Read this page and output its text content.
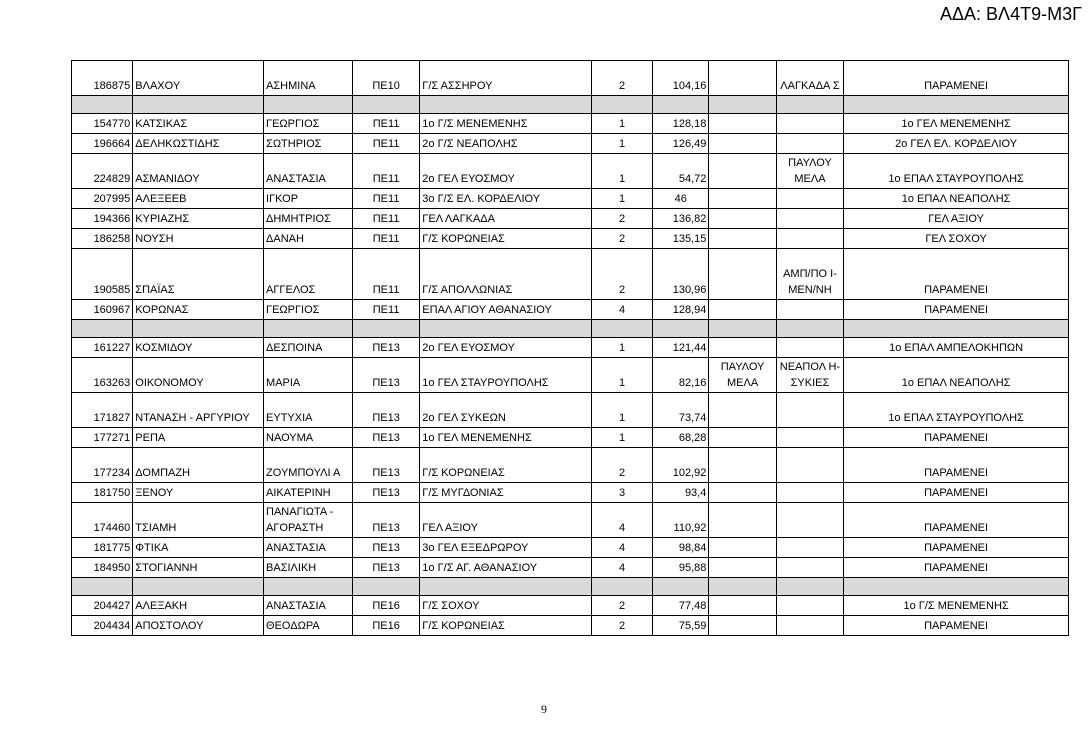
ΑΔΑ: ΒΛ4Τ9-Μ3Γ
186875	ΒΛΑΧΟΥ	ΑΣΗΜΙΝΑ	ΠΕ10	Γ/Σ ΑΣΣΗΡΟΥ	2	104,16		ΛΑΓΚΑΔΑ Σ	ΠΑΡΑΜΕΝΕΙ

154770	ΚΑΤΣΙΚΑΣ	ΓΕΩΡΓΙΟΣ	ΠΕ11	1ο Γ/Σ ΜΕΝΕΜΕΝΗΣ	1	128,18			1ο ΓΕΛ ΜΕΝΕΜΕΝΗΣ
196664	ΔΕΛΗΚΩΣΤΙΔΗΣ	ΣΩΤΗΡΙΟΣ	ΠΕ11	2ο Γ/Σ ΝΕΑΠΟΛΗΣ	1	126,49			2ο ΓΕΛ ΕΛ. ΚΟΡΔΕΛΙΟΥ
224829	ΑΣΜΑΝΙΔΟΥ	ΑΝΑΣΤΑΣΙΑ	ΠΕ11	2ο ΓΕΛ ΕΥΟΣΜΟΥ	1	54,72		ΠΑΥΛΟΥ ΜΕΛΑ	1ο ΕΠΑΛ ΣΤΑΥΡΟΥΠΟΛΗΣ
207995	ΑΛΕΞΕΕΒ	ΙΓΚΟΡ	ΠΕ11	3ο Γ/Σ ΕΛ. ΚΟΡΔΕΛΙΟΥ	1	46			1ο ΕΠΑΛ ΝΕΑΠΟΛΗΣ
194366	ΚΥΡΙΑΖΗΣ	ΔΗΜΗΤΡΙΟΣ	ΠΕ11	ΓΕΛ ΛΑΓΚΑΔΑ	2	136,82			ΓΕΛ ΑΞΙΟΥ
186258	ΝΟΥΣΗ	ΔΑΝΑΗ	ΠΕ11	Γ/Σ ΚΟΡΩΝΕΙΑΣ	2	135,15			ΓΕΛ ΣΟΧΟΥ
190585	ΣΠΑΪΑΣ	ΑΓΓΕΛΟΣ	ΠΕ11	Γ/Σ ΑΠΟΛΛΩΝΙΑΣ	2	130,96		ΑΜΠ/ΠΟ Ι- ΜΕΝ/ΝΗ	ΠΑΡΑΜΕΝΕΙ
160967	ΚΟΡΩΝΑΣ	ΓΕΩΡΓΙΟΣ	ΠΕ11	ΕΠΑΛ ΑΓΙΟΥ ΑΘΑΝΑΣΙΟΥ	4	128,94			ΠΑΡΑΜΕΝΕΙ

161227	ΚΟΣΜΙΔΟΥ	ΔΕΣΠΟΙΝΑ	ΠΕ13	2ο ΓΕΛ ΕΥΟΣΜΟΥ	1	121,44			1ο ΕΠΑΛ ΑΜΠΕΛΟΚΗΠΩΝ
163263	ΟΙΚΟΝΟΜΟΥ	ΜΑΡΙΑ	ΠΕ13	1ο ΓΕΛ ΣΤΑΥΡΟΥΠΟΛΗΣ	1	82,16	ΠΑΥΛΟΥ ΜΕΛΑ	ΝΕΑΠΟΛ Η-ΣΥΚΙΕΣ	1ο ΕΠΑΛ ΝΕΑΠΟΛΗΣ
171827	ΝΤΑΝΑΣΗ - ΑΡΓΥΡΙΟΥ	ΕΥΤΥΧΙΑ	ΠΕ13	2ο ΓΕΛ ΣΥΚΕΩΝ	1	73,74			1ο ΕΠΑΛ ΣΤΑΥΡΟΥΠΟΛΗΣ
177271	ΡΕΠΑ	ΝΑΟΥΜΑ	ΠΕ13	1ο ΓΕΛ ΜΕΝΕΜΕΝΗΣ	1	68,28			ΠΑΡΑΜΕΝΕΙ
177234	ΔΟΜΠΑΖΗ	ΖΟΥΜΠΟΥΛΙ Α	ΠΕ13	Γ/Σ ΚΟΡΩΝΕΙΑΣ	2	102,92			ΠΑΡΑΜΕΝΕΙ
181750	ΞΕΝΟΥ	ΑΙΚΑΤΕΡΙΝΗ	ΠΕ13	Γ/Σ ΜΥΓΔΟΝΙΑΣ	3	93,4			ΠΑΡΑΜΕΝΕΙ
174460	ΤΣΙΑΜΗ	ΠΑΝΑΓΙΩΤΑ - ΑΓΟΡΑΣΤΗ	ΠΕ13	ΓΕΛ ΑΞΙΟΥ	4	110,92			ΠΑΡΑΜΕΝΕΙ
181775	ΦΤΙΚΑ	ΑΝΑΣΤΑΣΙΑ	ΠΕ13	3ο ΓΕΛ ΕΞΕΔΡΩΡΟΥ	4	98,84			ΠΑΡΑΜΕΝΕΙ
184950	ΣΤΟΓΙΑΝΝΗ	ΒΑΣΙΛΙΚΗ	ΠΕ13	1ο Γ/Σ ΑΓ. ΑΘΑΝΑΣΙΟΥ	4	95,88			ΠΑΡΑΜΕΝΕΙ

204427	ΑΛΕΞΑΚΗ	ΑΝΑΣΤΑΣΙΑ	ΠΕ16	Γ/Σ ΣΟΧΟΥ	2	77,48			1ο Γ/Σ ΜΕΝΕΜΕΝΗΣ
204434	ΑΠΟΣΤΟΛΟΥ	ΘΕΟΔΩΡΑ	ΠΕ16	Γ/Σ ΚΟΡΩΝΕΙΑΣ	2	75,59			ΠΑΡΑΜΕΝΕΙ
9
